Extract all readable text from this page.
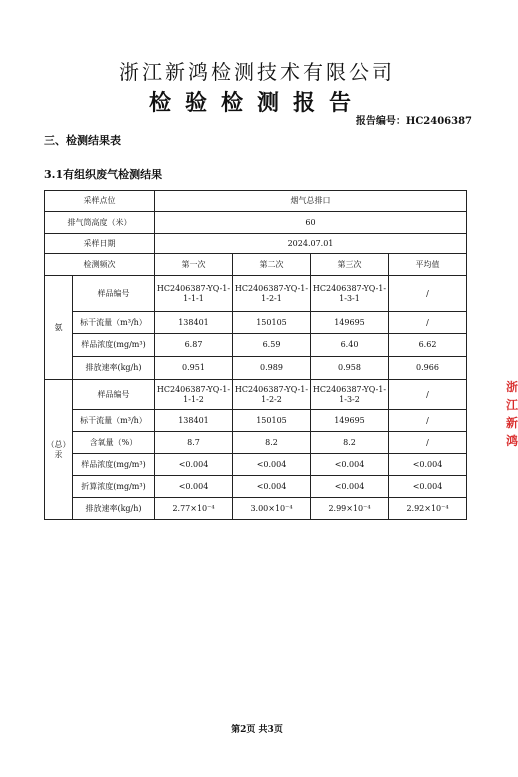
浙江新鸿检测技术有限公司
检验检测报告
报告编号：HC2406387
三、检测结果表
3.1有组织废气检测结果
采样点位		烟气总排口			
排气筒高度（米）		60			
采样日期		2024.07.01			
检测频次		第一次	第二次	第三次	平均值
氨	样品编号	HC2406387-YQ-1-1-1-1	HC2406387-YQ-1-1-2-1	HC2406387-YQ-1-1-3-1	/
	标干流量（m³/h）	138401	150105	149695	/
	样品浓度(mg/m³)	6.87	6.59	6.40	6.62
	排放速率(kg/h)	0.951	0.989	0.958	0.966
（总）汞	样品编号	HC2406387-YQ-1-1-1-2	HC2406387-YQ-1-1-2-2	HC2406387-YQ-1-1-3-2	/
	标干流量（m³/h）	138401	150105	149695	/
	含氧量（%）	8.7	8.2	8.2	/
	样品浓度(mg/m³)	<0.004	<0.004	<0.004	<0.004
	折算浓度(mg/m³)	<0.004	<0.004	<0.004	<0.004
	排放速率(kg/h)	2.77×10⁻⁴	3.00×10⁻⁴	2.99×10⁻⁴	2.92×10⁻⁴
浙江新鸿
第2页 共3页
